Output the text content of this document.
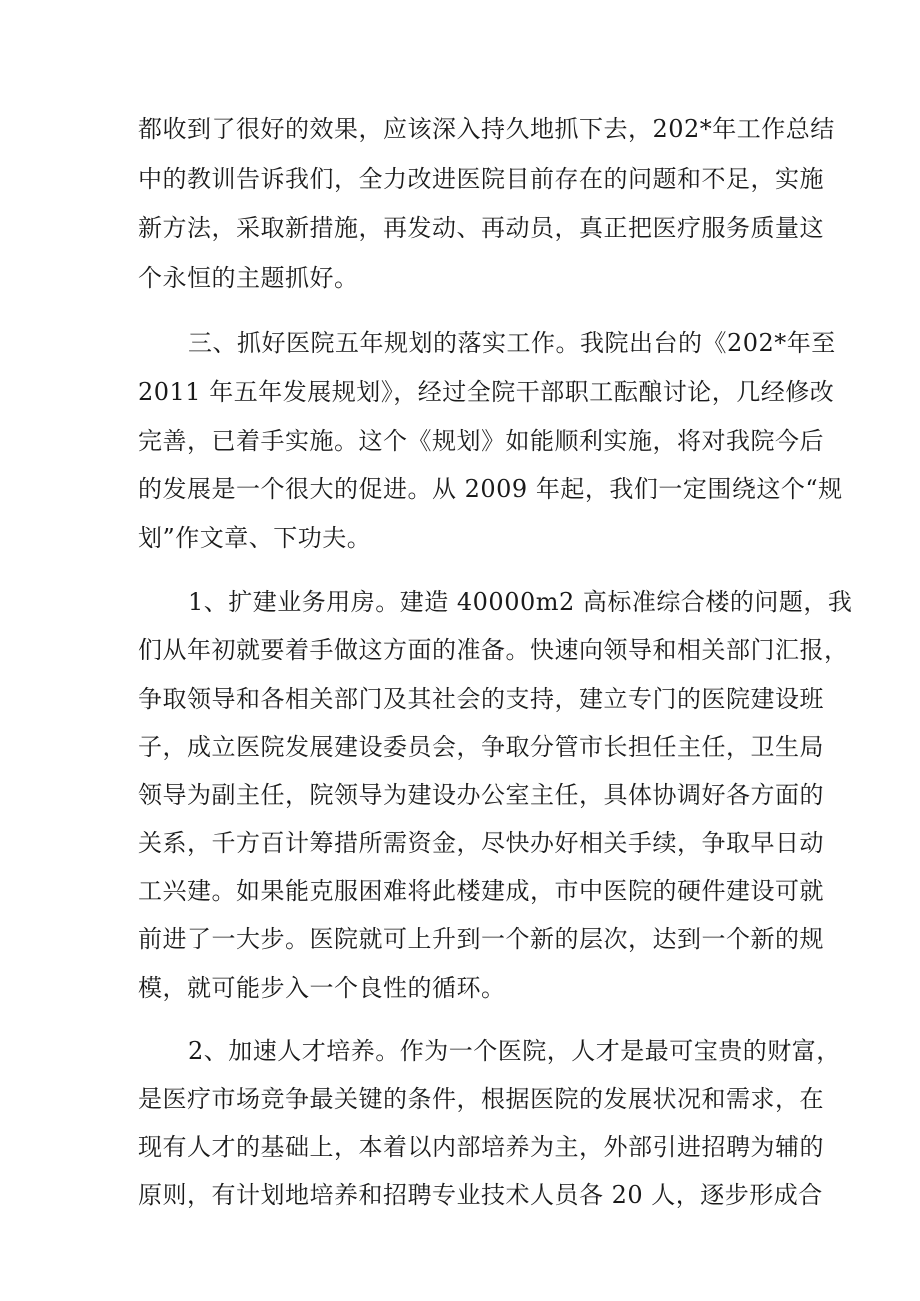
都收到了很好的效果，应该深入持久地抓下去，202*年工作总结
中的教训告诉我们，全力改进医院目前存在的问题和不足，实施
新方法，采取新措施，再发动、再动员，真正把医疗服务质量这
个永恒的主题抓好。
三、抓好医院五年规划的落实工作。我院出台的《202*年至
2011 年五年发展规划》，经过全院干部职工酝酿讨论，几经修改
完善，已着手实施。这个《规划》如能顺利实施，将对我院今后
的发展是一个很大的促进。从 2009 年起，我们一定围绕这个“规
划”作文章、下功夫。
1、扩建业务用房。建造 40000m2 高标准综合楼的问题，我
们从年初就要着手做这方面的准备。快速向领导和相关部门汇报，
争取领导和各相关部门及其社会的支持，建立专门的医院建设班
子，成立医院发展建设委员会，争取分管市长担任主任，卫生局
领导为副主任，院领导为建设办公室主任，具体协调好各方面的
关系，千方百计筹措所需资金，尽快办好相关手续，争取早日动
工兴建。如果能克服困难将此楼建成，市中医院的硬件建设可就
前进了一大步。医院就可上升到一个新的层次，达到一个新的规
模，就可能步入一个良性的循环。
2、加速人才培养。作为一个医院，人才是最可宝贵的财富，
是医疗市场竞争最关键的条件，根据医院的发展状况和需求，在
现有人才的基础上，本着以内部培养为主，外部引进招聘为辅的
原则，有计划地培养和招聘专业技术人员各 20 人，逐步形成合
